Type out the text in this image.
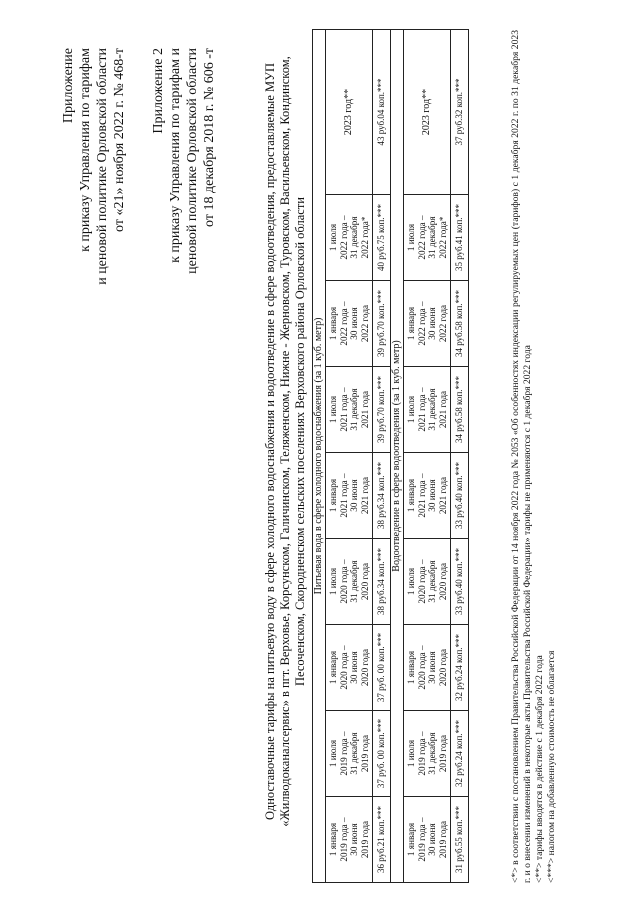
Приложение к приказу Управления по тарифам и ценовой политике Орловской области от «21» ноября 2022 г. № 468-т Приложение 2 к приказу Управления по тарифам и ценовой политике Орловской области от 18 декабря 2018 г. № 606 -т	Одноставочные тарифы на питьевую воду в сфере холодного водоснабжения и водоотведение в сфере водоотведения, предоставляемые МУП «Жилводоканалсервис» в пгт. Верховье, Корсунском, Галичинском, Теляженском, Нижне - Жерновском, Туровском, Васильевском, Кондинском, Песоченском, Скородненском сельских поселениях Верховского района Орловской области Питьевая вода в сфере холодного водоснабжения (за 1 куб. метр)								
1 января
2019 года –
30 июня
2019 года	1 июля
2019 года –
31 декабря
2019 года	1 января
2020 года –
30 июня
2020 года	1 июля
2020 года –
31 декабря
2020 года	1 января
2021 года –
30 июня
2021 года	1 июля
2021 года –
31 декабря
2021 года	1 января
2022 года –
30 июня
2022 года	1 июля
2022 года –
31 декабря
2022 года*	2023 год**
36 руб.21 коп.***	37 руб. 00 коп.***	37 руб. 00 коп.***	38 руб.34 коп.***	38 руб.34 коп.***	39 руб.70 коп.***	39 руб.70 коп.***	40 руб.75 коп.***	43 руб.04 коп.***
Водоотведение в сфере водоотведения (за 1 куб. метр)								
1 января
2019 года –
30 июня
2019 года	1 июля
2019 года –
31 декабря
2019 года	1 января
2020 года –
30 июня
2020 года	1 июля
2020 года –
31 декабря
2020 года	1 января
2021 года –
30 июня
2021 года	1 июля
2021 года –
31 декабря
2021 года	1 января
2022 года –
30 июня
2022 года	1 июля
2022 года –
31 декабря
2022 года*	2023 год**
31 руб.55 коп.***	32 руб.24 коп.***	32 руб.24 коп.***	33 руб.40 коп.***	33 руб.40 коп.***	34 руб.58 коп.***	34 руб.58 коп.***	35 руб.41 коп.***	37 руб.32 коп.***	<*> в соответствии с постановлением Правительства Российской Федерации от 14 ноября 2022 года № 2053 «Об особенностях индексации регулируемых цен (тарифов) с 1 декабря 2022 г. по 31 декабря 2023 г. и о внесении изменений в некоторые акты Правительства Российской Федерации» тарифы не применяются с 1 декабря 2022 года <**> тарифы вводятся в действие с 1 декабря 2022 года <***> налогом на добавленную стоимость не облагается
